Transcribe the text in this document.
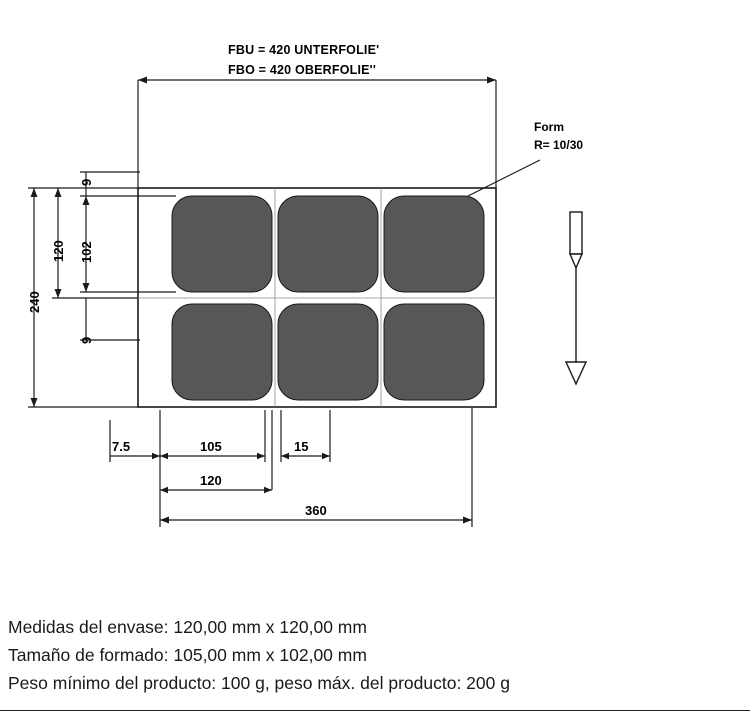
FBU = 420 UNTERFOLIE'
FBO = 420 OBERFOLIE''
Form
R= 10/30
240
120 102
9
9
7.5	105	15
120
360
Medidas del envase: 120,00 mm x 120,00 mm
Tamaño de formado: 105,00 mm x 102,00 mm
Peso mínimo del producto: 100 g, peso máx. del producto: 200 g
